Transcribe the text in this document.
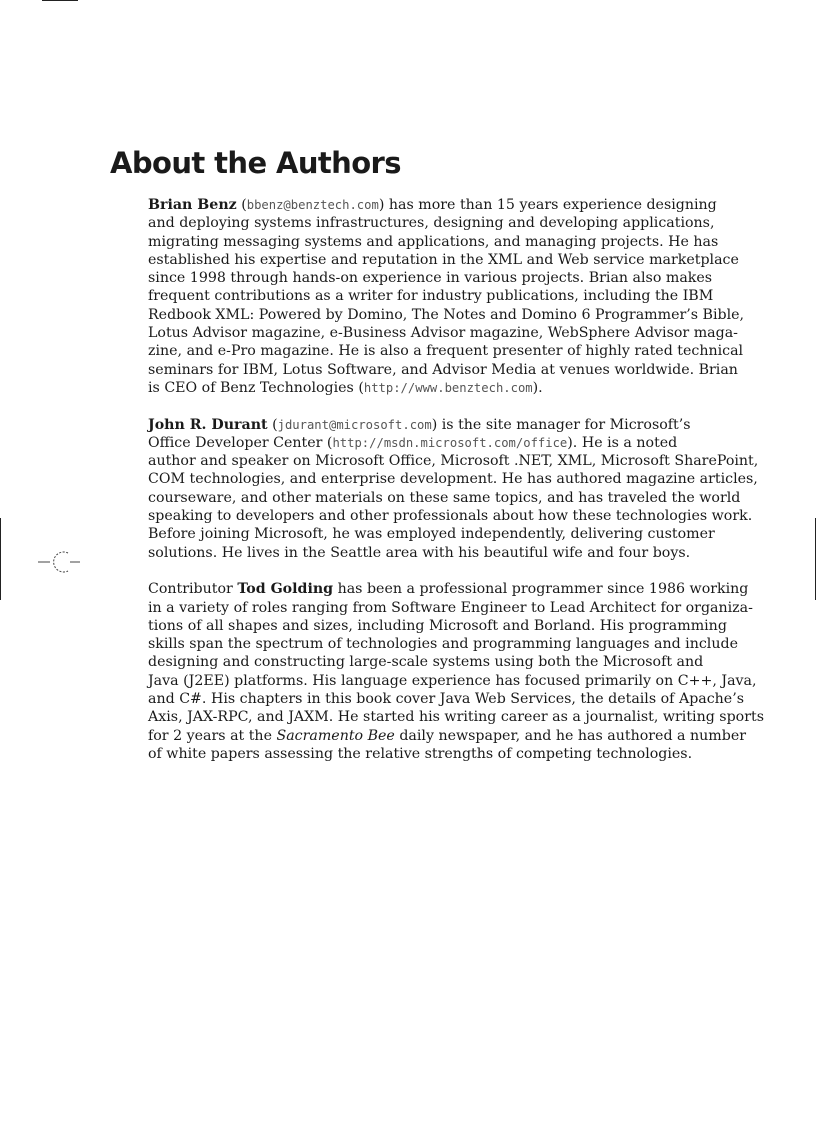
About the Authors

Brian Benz (bbenz@benztech.com) has more than 15 years experience designing
and deploying systems infrastructures, designing and developing applications,
migrating messaging systems and applications, and managing projects. He has
established his expertise and reputation in the XML and Web service marketplace
since 1998 through hands-on experience in various projects. Brian also makes
frequent contributions as a writer for industry publications, including the IBM
Redbook XML: Powered by Domino, The Notes and Domino 6 Programmer’s Bible,
Lotus Advisor magazine, e-Business Advisor magazine, WebSphere Advisor maga-
zine, and e-Pro magazine. He is also a frequent presenter of highly rated technical
seminars for IBM, Lotus Software, and Advisor Media at venues worldwide. Brian
is CEO of Benz Technologies (http://www.benztech.com).

John R. Durant (jdurant@microsoft.com) is the site manager for Microsoft’s
Office Developer Center (http://msdn.microsoft.com/office). He is a noted
author and speaker on Microsoft Office, Microsoft .NET, XML, Microsoft SharePoint,
COM technologies, and enterprise development. He has authored magazine articles,
courseware, and other materials on these same topics, and has traveled the world
speaking to developers and other professionals about how these technologies work.
Before joining Microsoft, he was employed independently, delivering customer
solutions. He lives in the Seattle area with his beautiful wife and four boys.

Contributor Tod Golding has been a professional programmer since 1986 working
in a variety of roles ranging from Software Engineer to Lead Architect for organiza-
tions of all shapes and sizes, including Microsoft and Borland. His programming
skills span the spectrum of technologies and programming languages and include
designing and constructing large-scale systems using both the Microsoft and
Java (J2EE) platforms. His language experience has focused primarily on C++, Java,
and C#. His chapters in this book cover Java Web Services, the details of Apache’s
Axis, JAX-RPC, and JAXM. He started his writing career as a journalist, writing sports
for 2 years at the Sacramento Bee daily newspaper, and he has authored a number
of white papers assessing the relative strengths of competing technologies.
